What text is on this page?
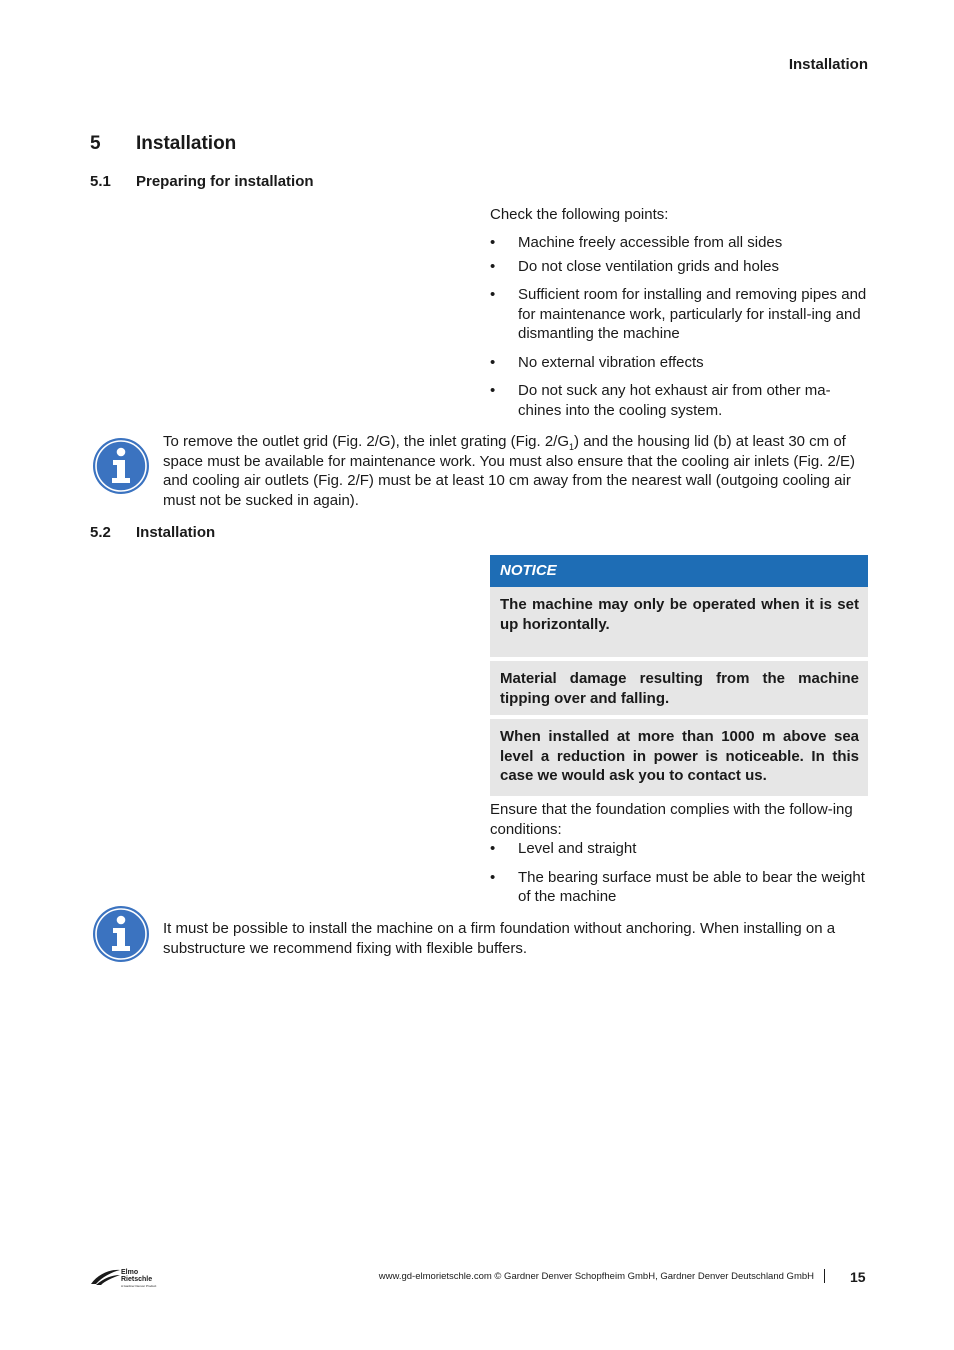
Installation
5 Installation
5.1 Preparing for installation

Check the following points:

• Machine freely accessible from all sides
• Do not close ventilation grids and holes
• Sufficient room for installing and removing pipes and for maintenance work, particularly for install-ing and dismantling the machine
• No external vibration effects
• Do not suck any hot exhaust air from other ma-chines into the cooling system.

To remove the outlet grid (Fig. 2/G), the inlet grating (Fig. $2/G_1$) and the housing lid (b) at least 30 cm of space must be available for maintenance work. You must also ensure that the cooling air inlets (Fig. 2/E) and cooling air outlets (Fig. 2/F) must be at least 10 cm away from the nearest wall (outgoing cooling air must not be sucked in again).

5.2 Installation
NOTICE
The machine may only be operated when it is set up horizontally.
Material damage resulting from the machine tipping over and falling.
When installed at more than 1000 m above sea level a reduction in power is noticeable. In this case we would ask you to contact us.

Ensure that the foundation complies with the follow-ing conditions:

• Level and straight
• The bearing surface must be able to bear the weight of the machine

It must be possible to install the machine on a firm foundation without anchoring. When installing on a substructure we recommend fixing with flexible buffers.

Elmo
Rietschle
A Gardner Denver Product
www.gd-elmorietschle.com © Gardner Denver Schopfheim GmbH, Gardner Denver Deutschland GmbH	15
